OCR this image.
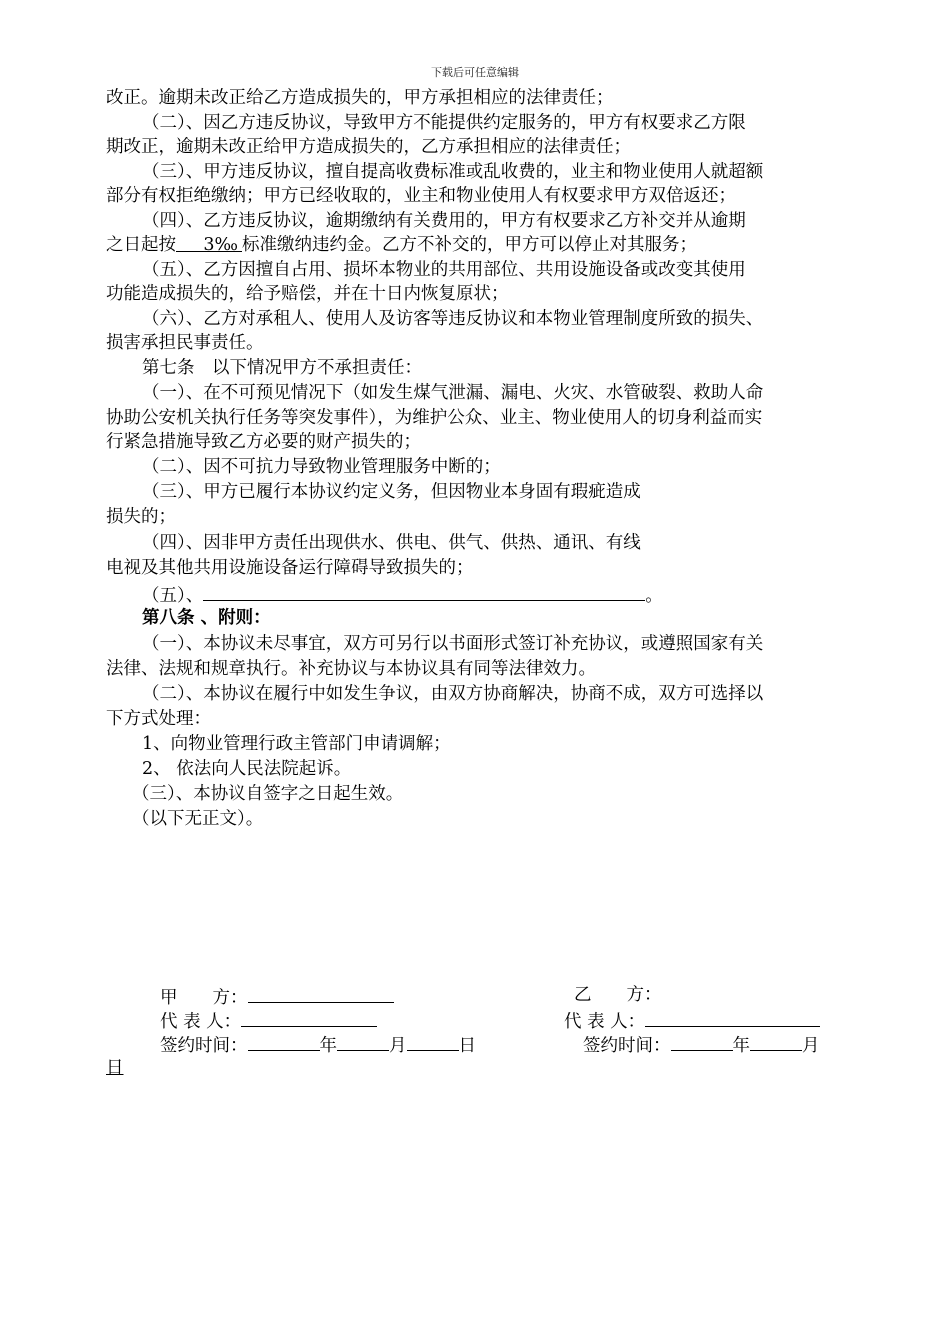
下载后可任意编辑
改正。逾期未改正给乙方造成损失的，甲方承担相应的法律责任；
（二）、因乙方违反协议，导致甲方不能提供约定服务的，甲方有权要求乙方限
期改正，逾期未改正给甲方造成损失的，乙方承担相应的法律责任；
（三）、甲方违反协议，擅自提高收费标准或乱收费的，业主和物业使用人就超额
部分有权拒绝缴纳；甲方已经收取的，业主和物业使用人有权要求甲方双倍返还；
（四）、乙方违反协议，逾期缴纳有关费用的，甲方有权要求乙方补交并从逾期
之日起按 3‰ 标准缴纳违约金。乙方不补交的，甲方可以停止对其服务；
（五）、乙方因擅自占用、损坏本物业的共用部位、共用设施设备或改变其使用
功能造成损失的，给予赔偿，并在十日内恢复原状；
（六）、乙方对承租人、使用人及访客等违反协议和本物业管理制度所致的损失、
损害承担民事责任。
第七条　以下情况甲方不承担责任：
（一）、在不可预见情况下（如发生煤气泄漏、漏电、火灾、水管破裂、救助人命
协助公安机关执行任务等突发事件），为维护公众、业主、物业使用人的切身利益而实
行紧急措施导致乙方必要的财产损失的；
（二）、因不可抗力导致物业管理服务中断的；
（三）、甲方已履行本协议约定义务，但因物业本身固有瑕疵造成
损失的；
（四）、因非甲方责任出现供水、供电、供气、供热、通讯、有线
电视及其他共用设施设备运行障碍导致损失的；
（五）、	。
第八条 、附则：
（一）、本协议未尽事宜，双方可另行以书面形式签订补充协议，或遵照国家有关
法律、法规和规章执行。补充协议与本协议具有同等法律效力。
（二）、本协议在履行中如发生争议，由双方协商解决，协商不成，双方可选择以
下方式处理：
1、向物业管理行政主管部门申请调解；
2、 依法向人民法院起诉。
（三）、本协议自签字之日起生效。
（以下无正文）。
甲　　方：
代 表 人：
签约时间：	年	月	日
乙　　方：
代 表 人：
签约时间：	年	月
日
